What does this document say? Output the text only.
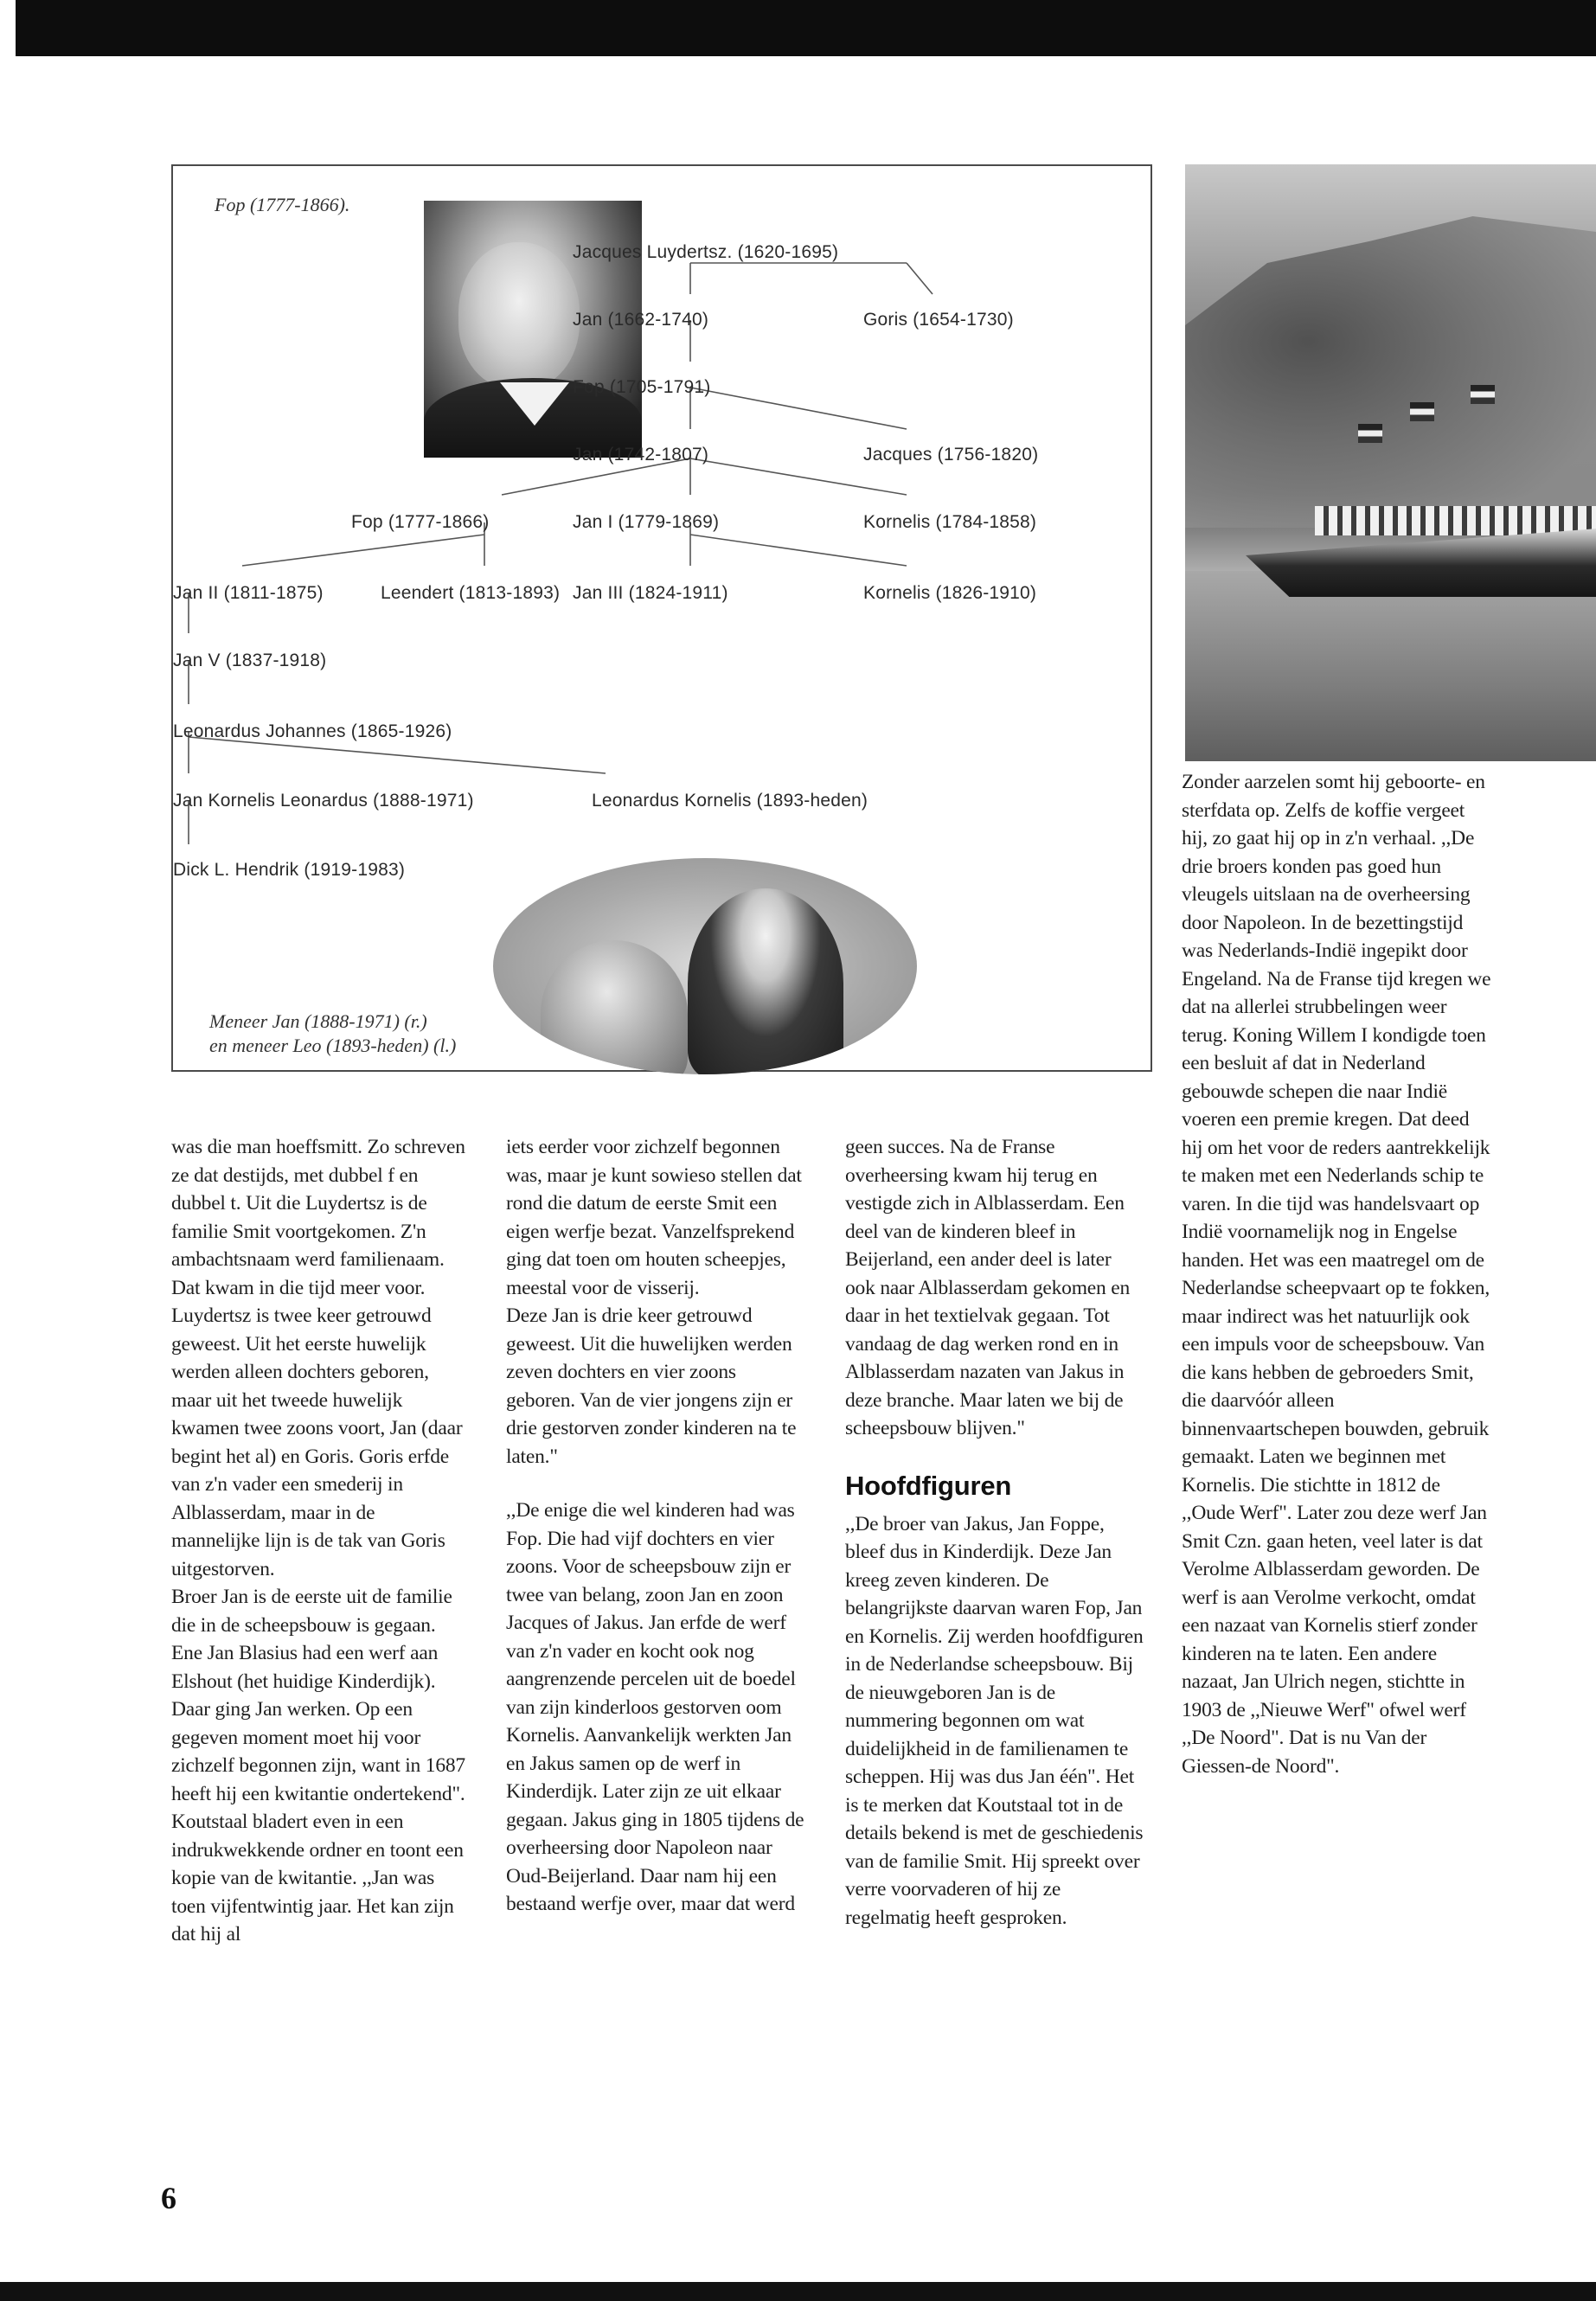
Fop (1777-1866).
Jacques Luydertsz. (1620-1695)
Jan (1662-1740)	Goris (1654-1730)
Fop (1705-1791)
Jan (1742-1807)	Jacques (1756-1820)
Fop (1777-1866)	Jan I (1779-1869)	Kornelis (1784-1858)
Jan II (1811-1875)	Leendert (1813-1893) Jan III (1824-1911)	Kornelis (1826-1910)
Jan V (1837-1918)
Leonardus Johannes (1865-1926)
Jan Kornelis Leonardus (1888-1971)	Leonardus Kornelis (1893-heden)
Dick L. Hendrik (1919-1983)
Meneer Jan (1888-1971) (r.)
en meneer Leo (1893-heden) (l.)

Zonder aarzelen somt hij geboorte- en sterfdata op. Zelfs de koffie vergeet hij, zo gaat hij op in z'n verhaal. ,,De drie broers konden pas goed hun vleugels uitslaan na de overheersing door Napoleon. In de bezettingstijd was Nederlands-Indië ingepikt door Engeland. Na de Franse tijd kregen we dat na allerlei strubbelingen weer terug. Koning Willem I kondigde toen een besluit af dat in Nederland gebouwde schepen die naar Indië voeren een premie kregen. Dat deed hij om het voor de reders aantrekkelijk te maken met een Nederlands schip te varen. In die tijd was handelsvaart op Indië voornamelijk nog in Engelse handen. Het was een maatregel om de Nederlandse scheepvaart op te fokken, maar indirect was het natuurlijk ook een impuls voor de scheepsbouw. Van die kans hebben de gebroeders Smit, die daarvóór alleen binnenvaartschepen bouwden, gebruik gemaakt. Laten we beginnen met Kornelis. Die stichtte in 1812 de ,,Oude Werf". Later zou deze werf Jan Smit Czn. gaan heten, veel later is dat Verolme Alblasserdam geworden. De werf is aan Verolme verkocht, omdat een nazaat van Kornelis stierf zonder kinderen na te laten. Een andere nazaat, Jan Ulrich negen, stichtte in 1903 de ,,Nieuwe Werf" ofwel werf ,,De Noord". Dat is nu Van der Giessen-de Noord".

was die man hoeffsmitt. Zo schreven ze dat destijds, met dubbel f en dubbel t. Uit die Luydertsz is de familie Smit voortgekomen. Z'n ambachtsnaam werd familienaam. Dat kwam in die tijd meer voor. Luydertsz is twee keer getrouwd geweest. Uit het eerste huwelijk werden alleen dochters geboren, maar uit het tweede huwelijk kwamen twee zoons voort, Jan (daar begint het al) en Goris. Goris erfde van z'n vader een smederij in Alblasserdam, maar in de mannelijke lijn is de tak van Goris uitgestorven.

Broer Jan is de eerste uit de familie die in de scheepsbouw is gegaan. Ene Jan Blasius had een werf aan Elshout (het huidige Kinderdijk). Daar ging Jan werken. Op een gegeven moment moet hij voor zichzelf begonnen zijn, want in 1687 heeft hij een kwitantie ondertekend". Koutstaal bladert even in een indrukwekkende ordner en toont een kopie van de kwitantie. ,,Jan was toen vijfentwintig jaar. Het kan zijn dat hij al

iets eerder voor zichzelf begonnen was, maar je kunt sowieso stellen dat rond die datum de eerste Smit een eigen werfje bezat. Vanzelfsprekend ging dat toen om houten scheepjes, meestal voor de visserij.

Deze Jan is drie keer getrouwd geweest. Uit die huwelijken werden zeven dochters en vier zoons geboren. Van de vier jongens zijn er drie gestorven zonder kinderen na te laten."

,,De enige die wel kinderen had was Fop. Die had vijf dochters en vier zoons. Voor de scheepsbouw zijn er twee van belang, zoon Jan en zoon Jacques of Jakus. Jan erfde de werf van z'n vader en kocht ook nog aangrenzende percelen uit de boedel van zijn kinderloos gestorven oom Kornelis. Aanvankelijk werkten Jan en Jakus samen op de werf in Kinderdijk. Later zijn ze uit elkaar gegaan. Jakus ging in 1805 tijdens de overheersing door Napoleon naar Oud-Beijerland. Daar nam hij een bestaand werfje over, maar dat werd

geen succes. Na de Franse overheersing kwam hij terug en vestigde zich in Alblasserdam. Een deel van de kinderen bleef in Beijerland, een ander deel is later ook naar Alblasserdam gekomen en daar in het textielvak gegaan. Tot vandaag de dag werken rond en in Alblasserdam nazaten van Jakus in deze branche. Maar laten we bij de scheepsbouw blijven."

Hoofdfiguren

,,De broer van Jakus, Jan Foppe, bleef dus in Kinderdijk. Deze Jan kreeg zeven kinderen. De belangrijkste daarvan waren Fop, Jan en Kornelis. Zij werden hoofdfiguren in de Nederlandse scheepsbouw. Bij de nieuwgeboren Jan is de nummering begonnen om wat duidelijkheid in de familienamen te scheppen. Hij was dus Jan één". Het is te merken dat Koutstaal tot in de details bekend is met de geschiedenis van de familie Smit. Hij spreekt over verre voorvaderen of hij ze regelmatig heeft gesproken.

6
